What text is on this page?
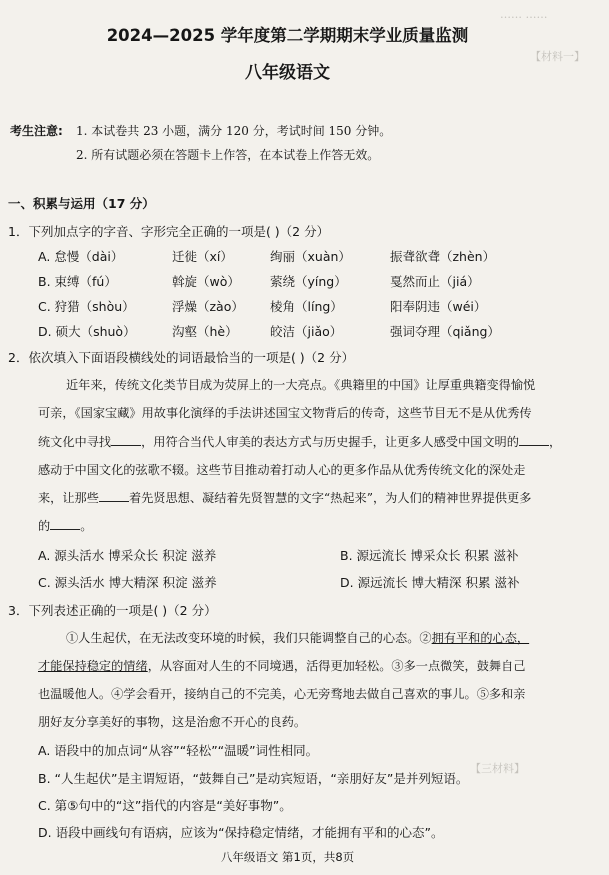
…… ……
【材料一】
【三材料】
2024—2025 学年度第二学期期末学业质量监测
八年级语文
考生注意: 1. 本试卷共 23 小题，满分 120 分，考试时间 150 分钟。
2. 所有试题必须在答题卡上作答，在本试卷上作答无效。
一、积累与运用（17 分）
1．下列加点字的字音、字形完全正确的一项是( )（2 分）
A. 怠慢（dài）	迁徙（xí）	绚丽（xuàn）	振聋欲聋（zhèn）
B. 束缚（fú）	斡旋（wò） 萦绕（yíng）	戛然而止（jiá）
C. 狩猎（shòu）	浮燥（zào） 棱角（líng）	阳奉阴违（wéi）
D. 硕大（shuò）	沟壑（hè）	皎洁（jiǎo）	强词夺理（qiǎng）
2．依次填入下面语段横线处的词语最恰当的一项是( )（2 分）
近年来，传统文化类节目成为荧屏上的一大亮点。《典籍里的中国》让厚重典籍变得愉悦
可亲，《国家宝藏》用故事化演绎的手法讲述国宝文物背后的传奇，这些节目无不是从优秀传
统文化中寻找 ，用符合当代人审美的表达方式与历史握手，让更多人感受中国文明的 ，
感动于中国文化的弦歌不辍。这些节目推动着打动人心的更多作品从优秀传统文化的深处走
来，让那些 着先贤思想、凝结着先贤智慧的文字“热起来”，为人们的精神世界提供更多
的 。
A. 源头活水 博采众长 积淀 滋养	B. 源远流长 博采众长 积累 滋补
C. 源头活水 博大精深 积淀 滋养	D. 源远流长 博大精深 积累 滋补
3．下列表述正确的一项是( )（2 分）
①人生起伏，在无法改变环境的时候，我们只能调整自己的心态。②拥有平和的心态，
才能保持稳定的情绪，从容面对人生的不同境遇，活得更加轻松。③多一点微笑，鼓舞自己
也温暖他人。④学会看开，接纳自己的不完美，心无旁骛地去做自己喜欢的事儿。⑤多和亲
朋好友分享美好的事物，这是治愈不开心的良药。
A. 语段中的加点词“从容”“轻松”“温暖”词性相同。
B. “人生起伏”是主谓短语，“鼓舞自己”是动宾短语，“亲朋好友”是并列短语。
C. 第⑤句中的“这”指代的内容是“美好事物”。
D. 语段中画线句有语病，应该为“保持稳定情绪，才能拥有平和的心态”。
八年级语文 第1页，共8页
